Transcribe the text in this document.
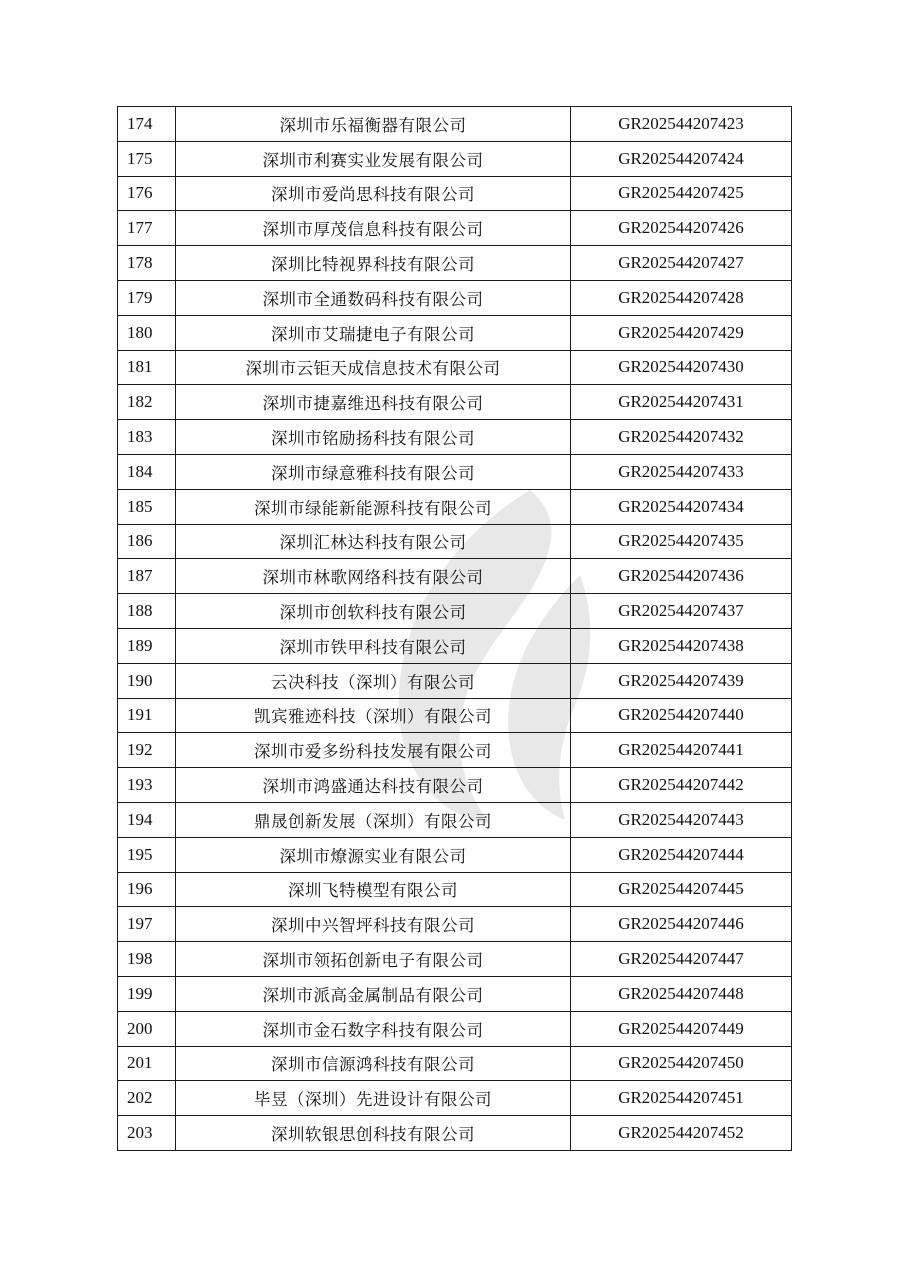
174	深圳市乐福衡器有限公司	GR202544207423
175	深圳市利赛实业发展有限公司	GR202544207424
176	深圳市爱尚思科技有限公司	GR202544207425
177	深圳市厚茂信息科技有限公司	GR202544207426
178	深圳比特视界科技有限公司	GR202544207427
179	深圳市全通数码科技有限公司	GR202544207428
180	深圳市艾瑞捷电子有限公司	GR202544207429
181	深圳市云钜天成信息技术有限公司	GR202544207430
182	深圳市捷嘉维迅科技有限公司	GR202544207431
183	深圳市铭励扬科技有限公司	GR202544207432
184	深圳市绿意雅科技有限公司	GR202544207433
185	深圳市绿能新能源科技有限公司	GR202544207434
186	深圳汇林达科技有限公司	GR202544207435
187	深圳市林歌网络科技有限公司	GR202544207436
188	深圳市创软科技有限公司	GR202544207437
189	深圳市铁甲科技有限公司	GR202544207438
190	云决科技（深圳）有限公司	GR202544207439
191	凯宾雅迹科技（深圳）有限公司	GR202544207440
192	深圳市爱多纷科技发展有限公司	GR202544207441
193	深圳市鸿盛通达科技有限公司	GR202544207442
194	鼎晟创新发展（深圳）有限公司	GR202544207443
195	深圳市燎源实业有限公司	GR202544207444
196	深圳飞特模型有限公司	GR202544207445
197	深圳中兴智坪科技有限公司	GR202544207446
198	深圳市领拓创新电子有限公司	GR202544207447
199	深圳市派高金属制品有限公司	GR202544207448
200	深圳市金石数字科技有限公司	GR202544207449
201	深圳市信源鸿科技有限公司	GR202544207450
202	毕昱（深圳）先进设计有限公司	GR202544207451
203	深圳软银思创科技有限公司	GR202544207452
